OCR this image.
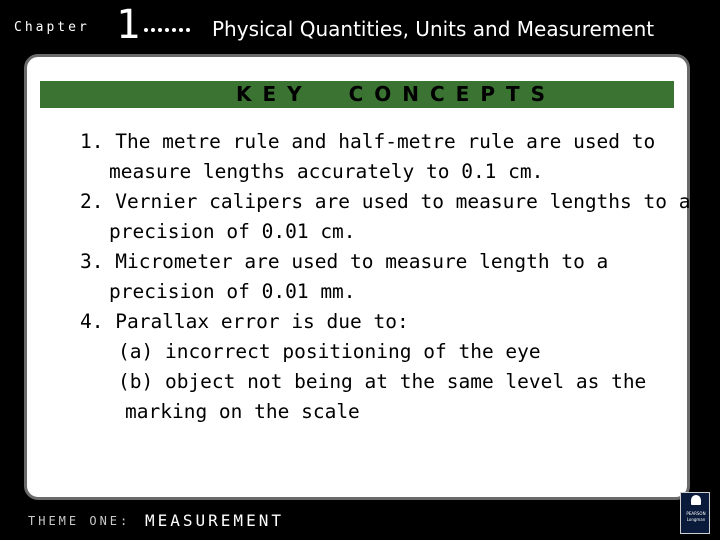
Chapter 1	Physical Quantities, Units and Measurement
KEY  CONCEPTS
1. The metre rule and half-metre rule are used to
measure lengths accurately to 0.1 cm.
2. Vernier calipers are used to measure lengths to a
precision of 0.01 cm.
3. Micrometer are used to measure length to a
precision of 0.01 mm.
4. Parallax error is due to:
(a) incorrect positioning of the eye
(b) object not being at the same level as the
marking on the scale
THEME ONE: MEASUREMENT	PEARSON Longman
